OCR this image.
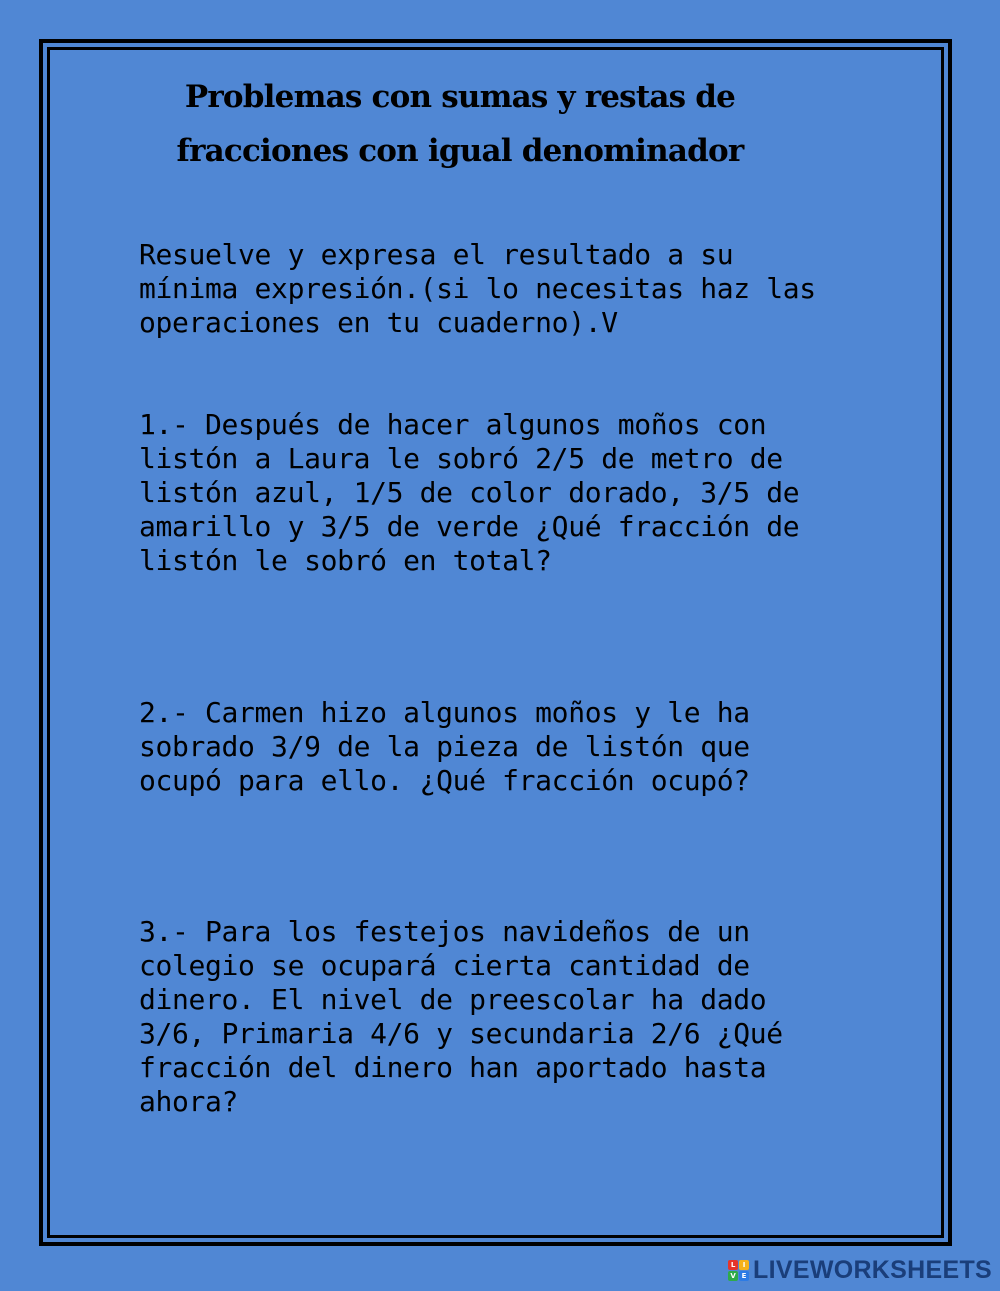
Problemas con sumas y restas de
fracciones con igual denominador

Resuelve y expresa el resultado a su
mínima expresión.(si lo necesitas haz las
operaciones en tu cuaderno).V

1.- Después de hacer algunos moños con
listón a Laura le sobró 2/5 de metro de
listón azul, 1/5 de color dorado, 3/5 de
amarillo y 3/5 de verde ¿Qué fracción de
listón le sobró en total?

2.- Carmen hizo algunos moños y le ha
sobrado 3/9 de la pieza de listón que
ocupó para ello. ¿Qué fracción ocupó?

3.- Para los festejos navideños de un
colegio se ocupará cierta cantidad de
dinero. El nivel de preescolar ha dado
3/6, Primaria 4/6 y secundaria 2/6 ¿Qué
fracción del dinero han aportado hasta
ahora?

L	I
V E LIVEWORKSHEETS
